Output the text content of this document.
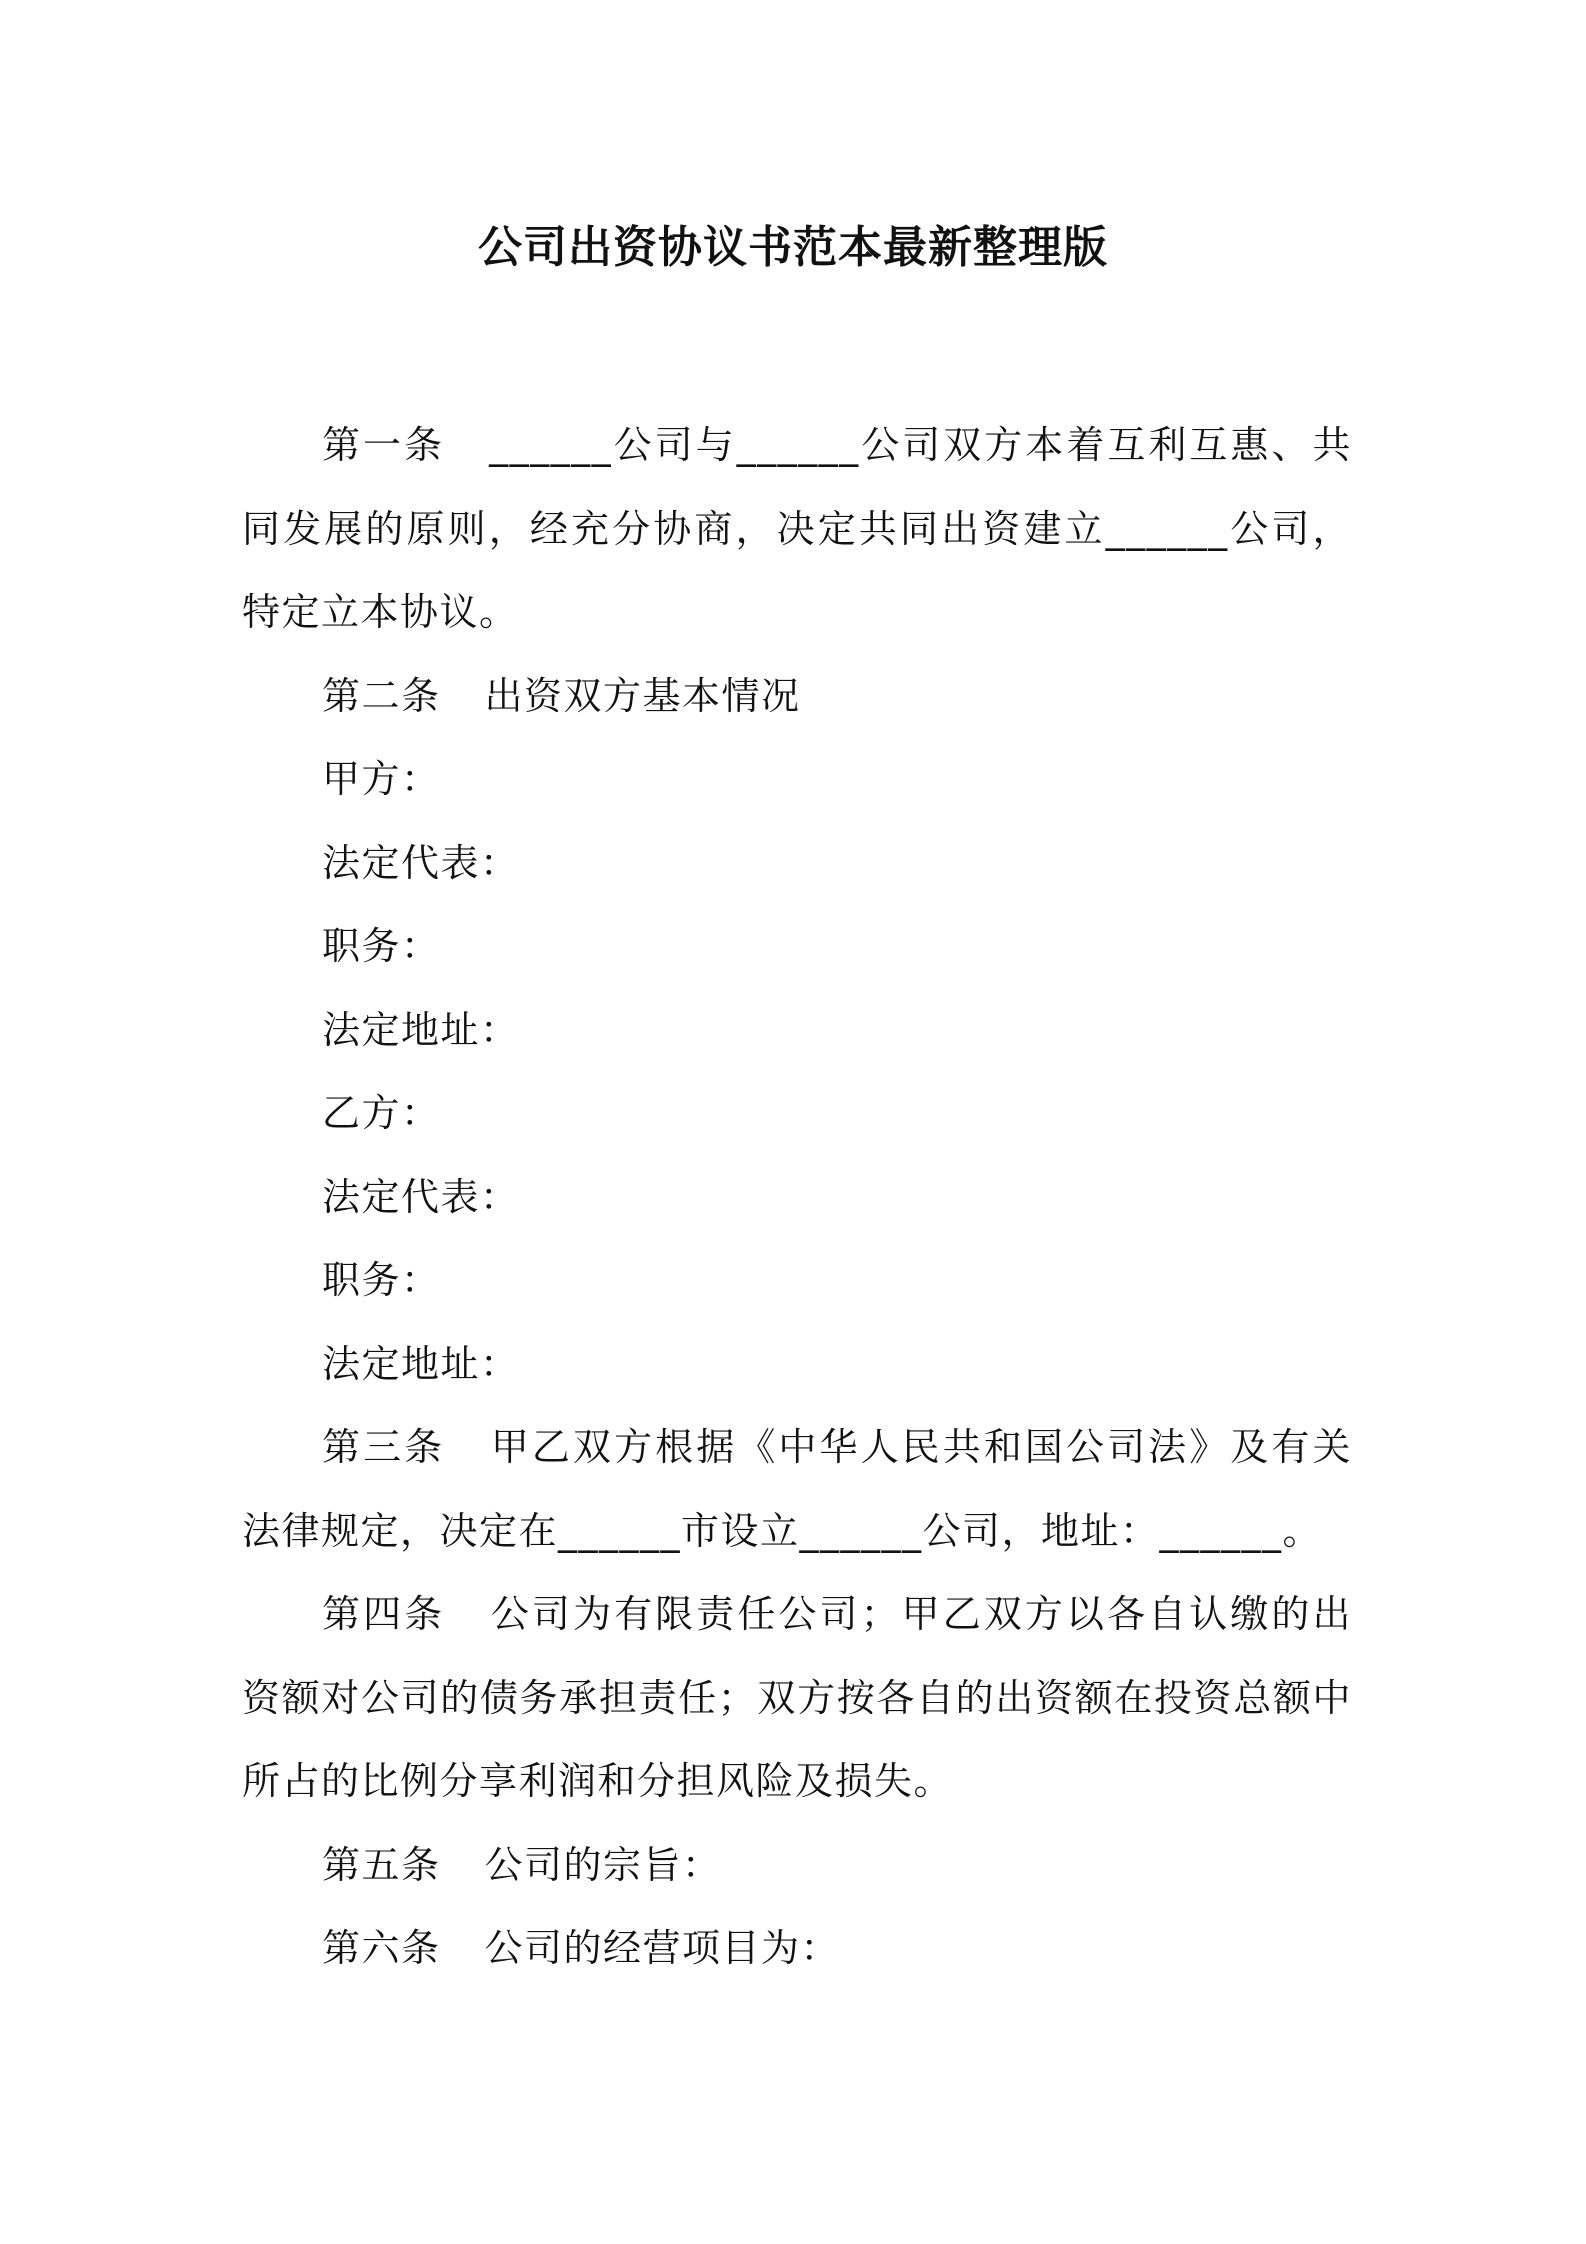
公司出资协议书范本最新整理版

第一条 ______公司与______公司双方本着互利互惠、共同发展的原则，经充分协商，决定共同出资建立______公司，特定立本协议。

第二条 出资双方基本情况

甲方：

法定代表：

职务：

法定地址：

乙方：

法定代表：

职务：

法定地址：

第三条 甲乙双方根据《中华人民共和国公司法》及有关法律规定，决定在______市设立______公司，地址：______。

第四条 公司为有限责任公司；甲乙双方以各自认缴的出资额对公司的债务承担责任；双方按各自的出资额在投资总额中所占的比例分享利润和分担风险及损失。

第五条 公司的宗旨：

第六条 公司的经营项目为：
